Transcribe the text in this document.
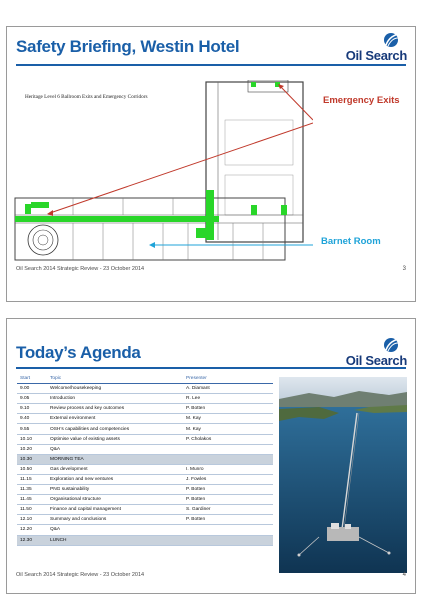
Safety Briefing, Westin Hotel	Oil Search
Heritage Level 6 Ballroom Exits and Emergency Corridors	Emergency Exits
Barnet Room
Oil Search 2014 Strategic Review - 23 October 2014	3
Today’s Agenda	Oil Search
Start	Topic	Presenter
9.00	Welcome/housekeeping	A. Diamant
9.05	Introduction	R. Lee
9.10	Review process and key outcomes	P. Botten
9.40	External environment	M. Kay
9.55	OSH’s capabilities and competencies	M. Kay
10.10	Optimise value of existing assets	P. Cholakos
10.20	Q&A	
10.30	MORNING TEA	
10.50	Gas development	I. Munro
11.15	Exploration and new ventures	J. Fowles
11.35	PNG sustainability	P. Botten
11.45	Organisational structure	P. Botten
11.50	Finance and capital management	S. Gardiner
12.10	Summary and conclusions	P. Botten
12.20	Q&A	
12.30	LUNCH	
Oil Search 2014 Strategic Review - 23 October 2014	4
